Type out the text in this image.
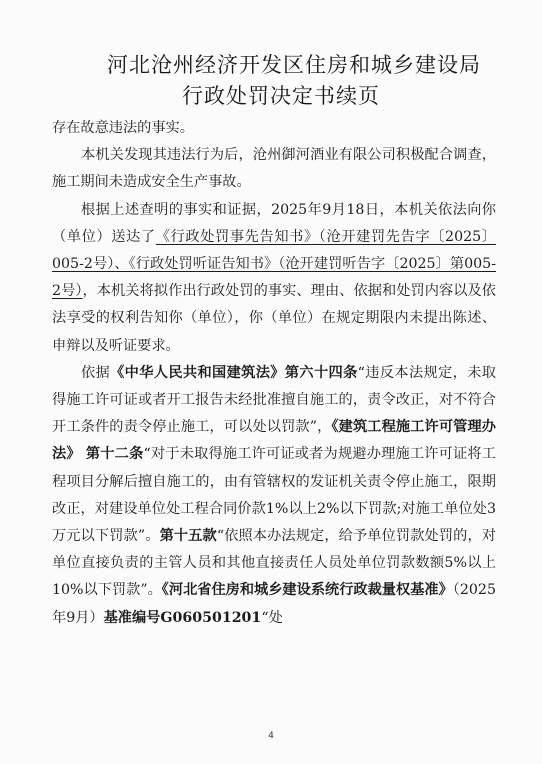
河北沧州经济开发区住房和城乡建设局
行政处罚决定书续页

存在故意违法的事实。

本机关发现其违法行为后，沧州御河酒业有限公司积极配合调查，施工期间未造成安全生产事故。

根据上述查明的事实和证据，2025年9月18日，本机关依法向你（单位）送达了《行政处罚事先告知书》（沧开建罚先告字〔2025〕005-2号）、《行政处罚听证告知书》（沧开建罚听告字〔2025〕第005-2号），本机关将拟作出行政处罚的事实、理由、依据和处罚内容以及依法享受的权利告知你（单位），你（单位）在规定期限内未提出陈述、申辩以及听证要求。

依据《中华人民共和国建筑法》第六十四条“违反本法规定，未取得施工许可证或者开工报告未经批准擅自施工的，责令改正，对不符合开工条件的责令停止施工，可以处以罚款”，《建筑工程施工许可管理办法》 第十二条“对于未取得施工许可证或者为规避办理施工许可证将工程项目分解后擅自施工的，由有管辖权的发证机关责令停止施工，限期改正，对建设单位处工程合同价款1%以上2%以下罚款;对施工单位处3万元以下罚款”。第十五款“依照本办法规定，给予单位罚款处罚的，对单位直接负责的主管人员和其他直接责任人员处单位罚款数额5%以上10%以下罚款”。《河北省住房和城乡建设系统行政裁量权基准》（2025年9月）基准编号G060501201“处

4
